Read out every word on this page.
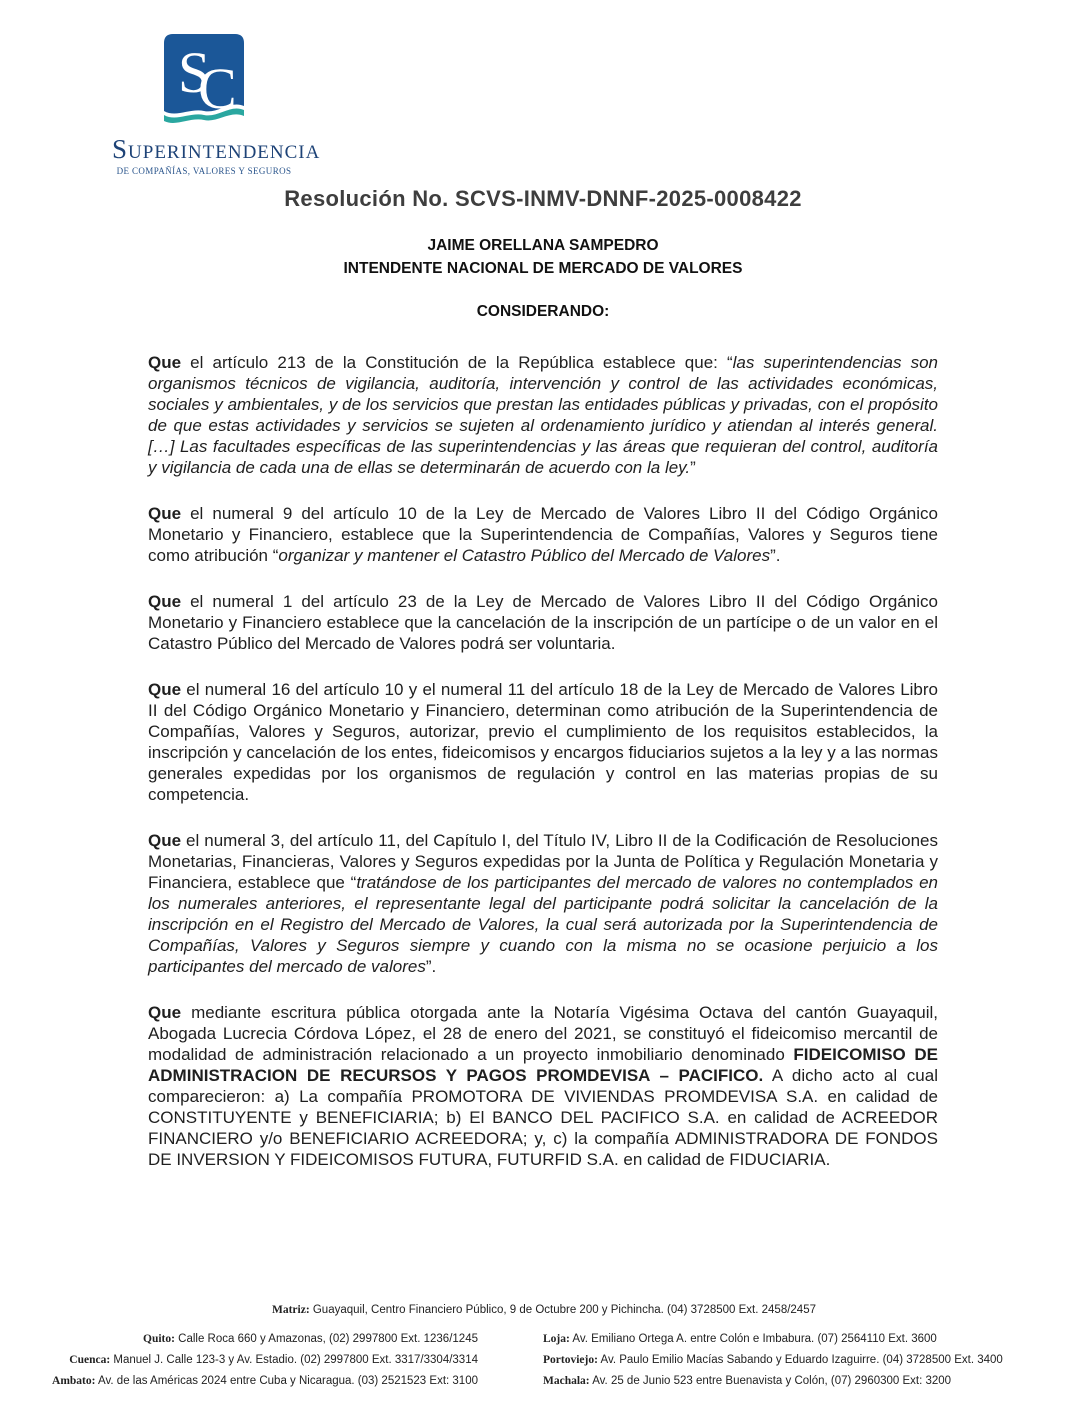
S
C
SUPERINTENDENCIA
DE COMPAÑÍAS, VALORES Y SEGUROS
Resolución No. SCVS-INMV-DNNF-2025-0008422
JAIME ORELLANA SAMPEDRO
INTENDENTE NACIONAL DE MERCADO DE VALORES
CONSIDERANDO:

Que el artículo 213 de la Constitución de la República establece que: “las superintendencias son organismos técnicos de vigilancia, auditoría, intervención y control de las actividades económicas, sociales y ambientales, y de los servicios que prestan las entidades públicas y privadas, con el propósito de que estas actividades y servicios se sujeten al ordenamiento jurídico y atiendan al interés general. […] Las facultades específicas de las superintendencias y las áreas que requieran del control, auditoría y vigilancia de cada una de ellas se determinarán de acuerdo con la ley.”

Que el numeral 9 del artículo 10 de la Ley de Mercado de Valores Libro II del Código Orgánico Monetario y Financiero, establece que la Superintendencia de Compañías, Valores y Seguros tiene como atribución “organizar y mantener el Catastro Público del Mercado de Valores”.

Que el numeral 1 del artículo 23 de la Ley de Mercado de Valores Libro II del Código Orgánico Monetario y Financiero establece que la cancelación de la inscripción de un partícipe o de un valor en el Catastro Público del Mercado de Valores podrá ser voluntaria.

Que el numeral 16 del artículo 10 y el numeral 11 del artículo 18 de la Ley de Mercado de Valores Libro II del Código Orgánico Monetario y Financiero, determinan como atribución de la Superintendencia de Compañías, Valores y Seguros, autorizar, previo el cumplimiento de los requisitos establecidos, la inscripción y cancelación de los entes, fideicomisos y encargos fiduciarios sujetos a la ley y a las normas generales expedidas por los organismos de regulación y control en las materias propias de su competencia.

Que el numeral 3, del artículo 11, del Capítulo I, del Título IV, Libro II de la Codificación de Resoluciones Monetarias, Financieras, Valores y Seguros expedidas por la Junta de Política y Regulación Monetaria y Financiera, establece que “tratándose de los participantes del mercado de valores no contemplados en los numerales anteriores, el representante legal del participante podrá solicitar la cancelación de la inscripción en el Registro del Mercado de Valores, la cual será autorizada por la Superintendencia de Compañías, Valores y Seguros siempre y cuando con la misma no se ocasione perjuicio a los participantes del mercado de valores”.

Que mediante escritura pública otorgada ante la Notaría Vigésima Octava del cantón Guayaquil, Abogada Lucrecia Córdova López, el 28 de enero del 2021, se constituyó el fideicomiso mercantil de modalidad de administración relacionado a un proyecto inmobiliario denominado FIDEICOMISO DE ADMINISTRACION DE RECURSOS Y PAGOS PROMDEVISA – PACIFICO. A dicho acto al cual comparecieron: a) La compañía PROMOTORA DE VIVIENDAS PROMDEVISA S.A. en calidad de CONSTITUYENTE y BENEFICIARIA; b) El BANCO DEL PACIFICO S.A. en calidad de ACREEDOR FINANCIERO y/o BENEFICIARIO ACREEDORA; y, c) la compañía ADMINISTRADORA DE FONDOS DE INVERSION Y FIDEICOMISOS FUTURA, FUTURFID S.A. en calidad de FIDUCIARIA.

Matriz: Guayaquil, Centro Financiero Público, 9 de Octubre 200 y Pichincha. (04) 3728500 Ext. 2458/2457
Quito: Calle Roca 660 y Amazonas, (02) 2997800 Ext. 1236/1245
Cuenca: Manuel J. Calle 123-3 y Av. Estadio. (02) 2997800 Ext. 3317/3304/3314
Ambato: Av. de las Américas 2024 entre Cuba y Nicaragua. (03) 2521523 Ext: 3100
Loja: Av. Emiliano Ortega A. entre Colón e Imbabura. (07) 2564110 Ext. 3600
Portoviejo: Av. Paulo Emilio Macías Sabando y Eduardo Izaguirre. (04) 3728500 Ext. 3400
Machala: Av. 25 de Junio 523 entre Buenavista y Colón, (07) 2960300 Ext: 3200
